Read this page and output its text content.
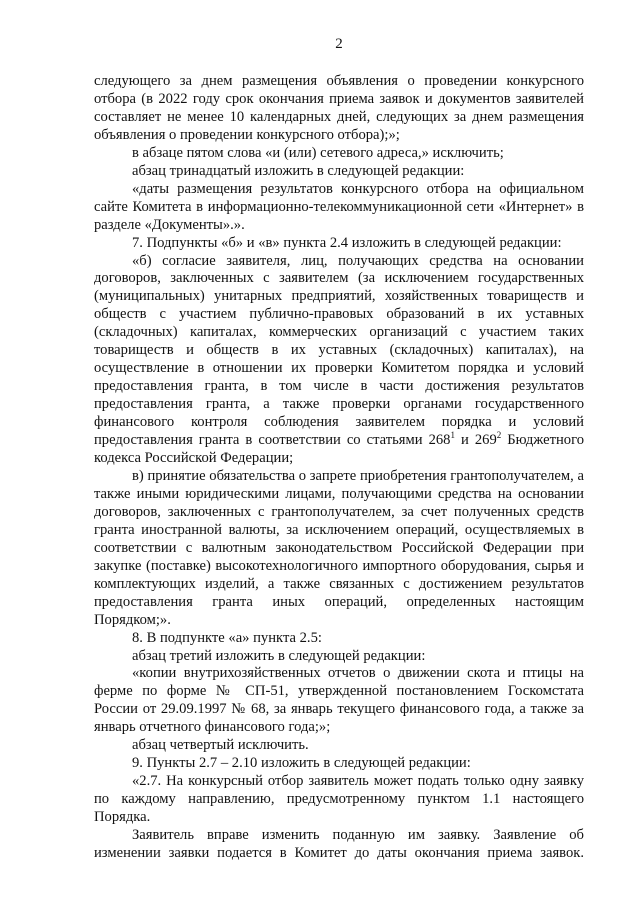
2

следующего за днем размещения объявления о проведении конкурсного отбора (в 2022 году срок окончания приема заявок и документов заявителей составляет не менее 10 календарных дней, следующих за днем размещения объявления о проведении конкурсного отбора);»;

в абзаце пятом слова «и (или) сетевого адреса,» исключить;

абзац тринадцатый изложить в следующей редакции:

«даты размещения результатов конкурсного отбора на официальном сайте Комитета в информационно-телекоммуникационной сети «Интернет» в разделе «Документы».».

7. Подпункты «б» и «в» пункта 2.4 изложить в следующей редакции:

«б) согласие заявителя, лиц, получающих средства на основании договоров, заключенных с заявителем (за исключением государственных (муниципальных) унитарных предприятий, хозяйственных товариществ и обществ с участием публично-правовых образований в их уставных (складочных) капиталах, коммерческих организаций с участием таких товариществ и обществ в их уставных (складочных) капиталах), на осуществление в отношении их проверки Комитетом порядка и условий предоставления гранта, в том числе в части достижения результатов предоставления гранта, а также проверки органами государственного финансового контроля соблюдения заявителем порядка и условий предоставления гранта в соответствии со статьями $268^1$ и $269^2$ Бюджетного кодекса Российской Федерации;

в) принятие обязательства о запрете приобретения грантополучателем, а также иными юридическими лицами, получающими средства на основании договоров, заключенных с грантополучателем, за счет полученных средств гранта иностранной валюты, за исключением операций, осуществляемых в соответствии с валютным законодательством Российской Федерации при закупке (поставке) высокотехнологичного импортного оборудования, сырья и комплектующих изделий, а также связанных с достижением результатов предоставления гранта иных операций, определенных настоящим Порядком;».

8. В подпункте «а» пункта 2.5:

абзац третий изложить в следующей редакции:

«копии внутрихозяйственных отчетов о движении скота и птицы на ферме по форме № СП-51, утвержденной постановлением Госкомстата России от 29.09.1997 № 68, за январь текущего финансового года, а также за январь отчетного финансового года;»;

абзац четвертый исключить.

9. Пункты 2.7 – 2.10 изложить в следующей редакции:

«2.7. На конкурсный отбор заявитель может подать только одну заявку по каждому направлению, предусмотренному пунктом 1.1 настоящего Порядка.

Заявитель вправе изменить поданную им заявку. Заявление об изменении заявки подается в Комитет до даты окончания приема заявок.
